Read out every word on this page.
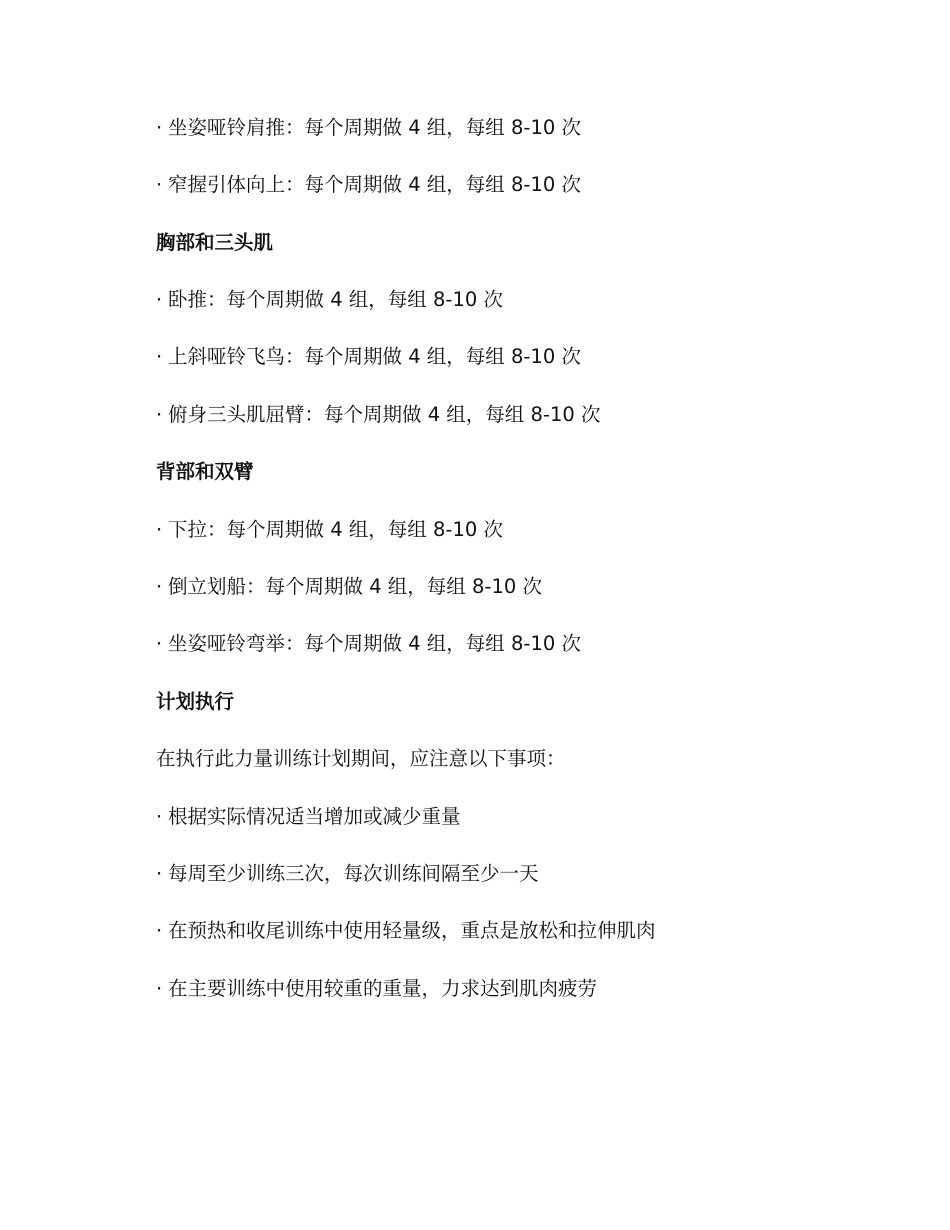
· 坐姿哑铃肩推：每个周期做 4 组，每组 8-10 次
· 窄握引体向上：每个周期做 4 组，每组 8-10 次
胸部和三头肌
· 卧推：每个周期做 4 组，每组 8-10 次
· 上斜哑铃飞鸟：每个周期做 4 组，每组 8-10 次
· 俯身三头肌屈臂：每个周期做 4 组，每组 8-10 次
背部和双臂
· 下拉：每个周期做 4 组，每组 8-10 次
· 倒立划船：每个周期做 4 组，每组 8-10 次
· 坐姿哑铃弯举：每个周期做 4 组，每组 8-10 次
计划执行
在执行此力量训练计划期间，应注意以下事项：
· 根据实际情况适当增加或减少重量
· 每周至少训练三次，每次训练间隔至少一天
· 在预热和收尾训练中使用轻量级，重点是放松和拉伸肌肉
· 在主要训练中使用较重的重量，力求达到肌肉疲劳
